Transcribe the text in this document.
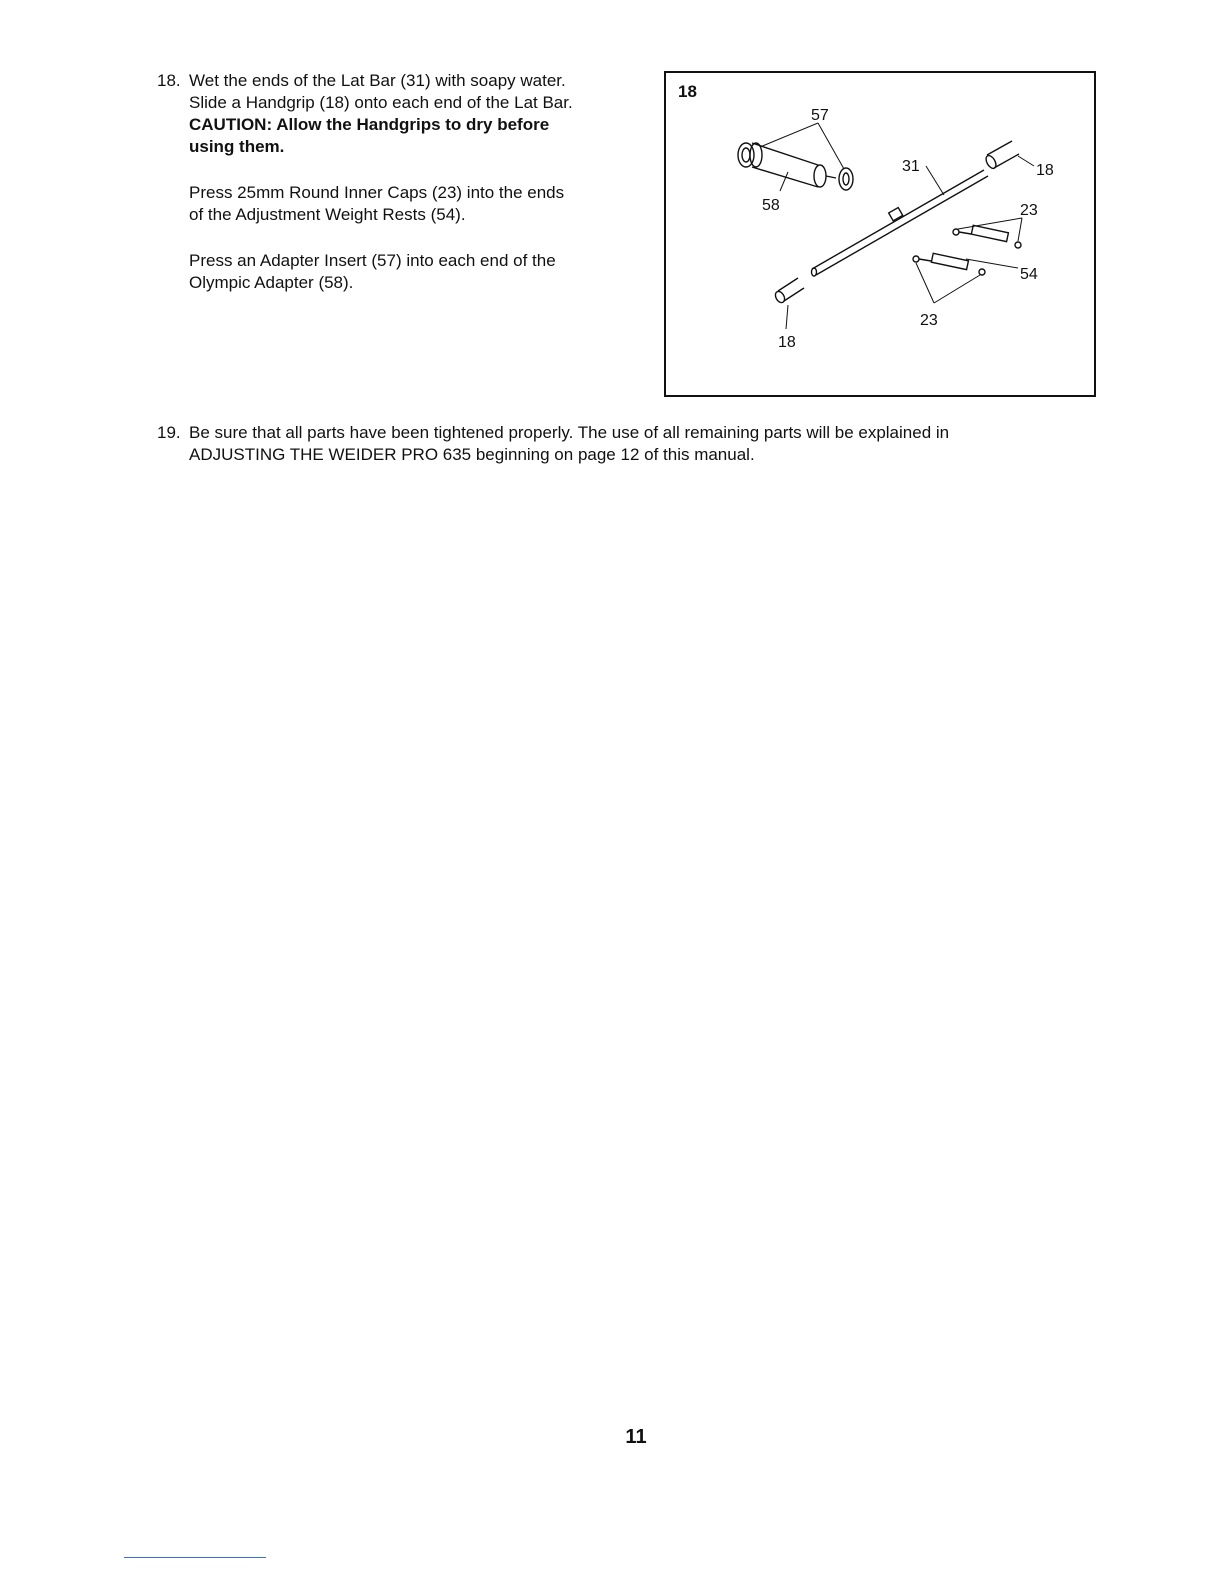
18. Wet the ends of the Lat Bar (31) with soapy water.
Slide a Handgrip (18) onto each end of the Lat Bar.
CAUTION: Allow the Handgrips to dry before
using them.
Press 25mm Round Inner Caps (23) into the ends
of the Adjustment Weight Rests (54).
Press an Adapter Insert (57) into each end of the
Olympic Adapter (58).
18
57
58
31	18
18
23
54
23
19. Be sure that all parts have been tightened properly. The use of all remaining parts will be explained in
ADJUSTING THE WEIDER PRO 635 beginning on page 12 of this manual.
11
